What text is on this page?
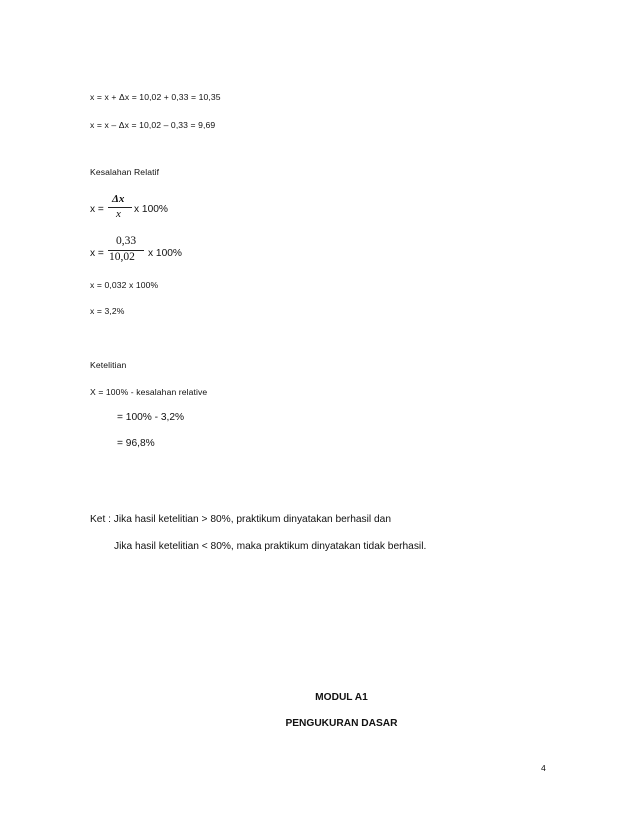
x = x + Δx = 10,02 + 0,33 = 10,35
x = x – Δx = 10,02 – 0,33 = 9,69
Kesalahan Relatif
x =
Δx
x x 100%
x =
0,33
10,02 x 100%
x = 0,032 x 100%
x = 3,2%
Ketelitian
X = 100% - kesalahan relative
= 100% - 3,2%
= 96,8%
Ket : Jika hasil ketelitian > 80%, praktikum dinyatakan berhasil dan
Jika hasil ketelitian < 80%, maka praktikum dinyatakan tidak berhasil.
MODUL A1
PENGUKURAN DASAR
4
